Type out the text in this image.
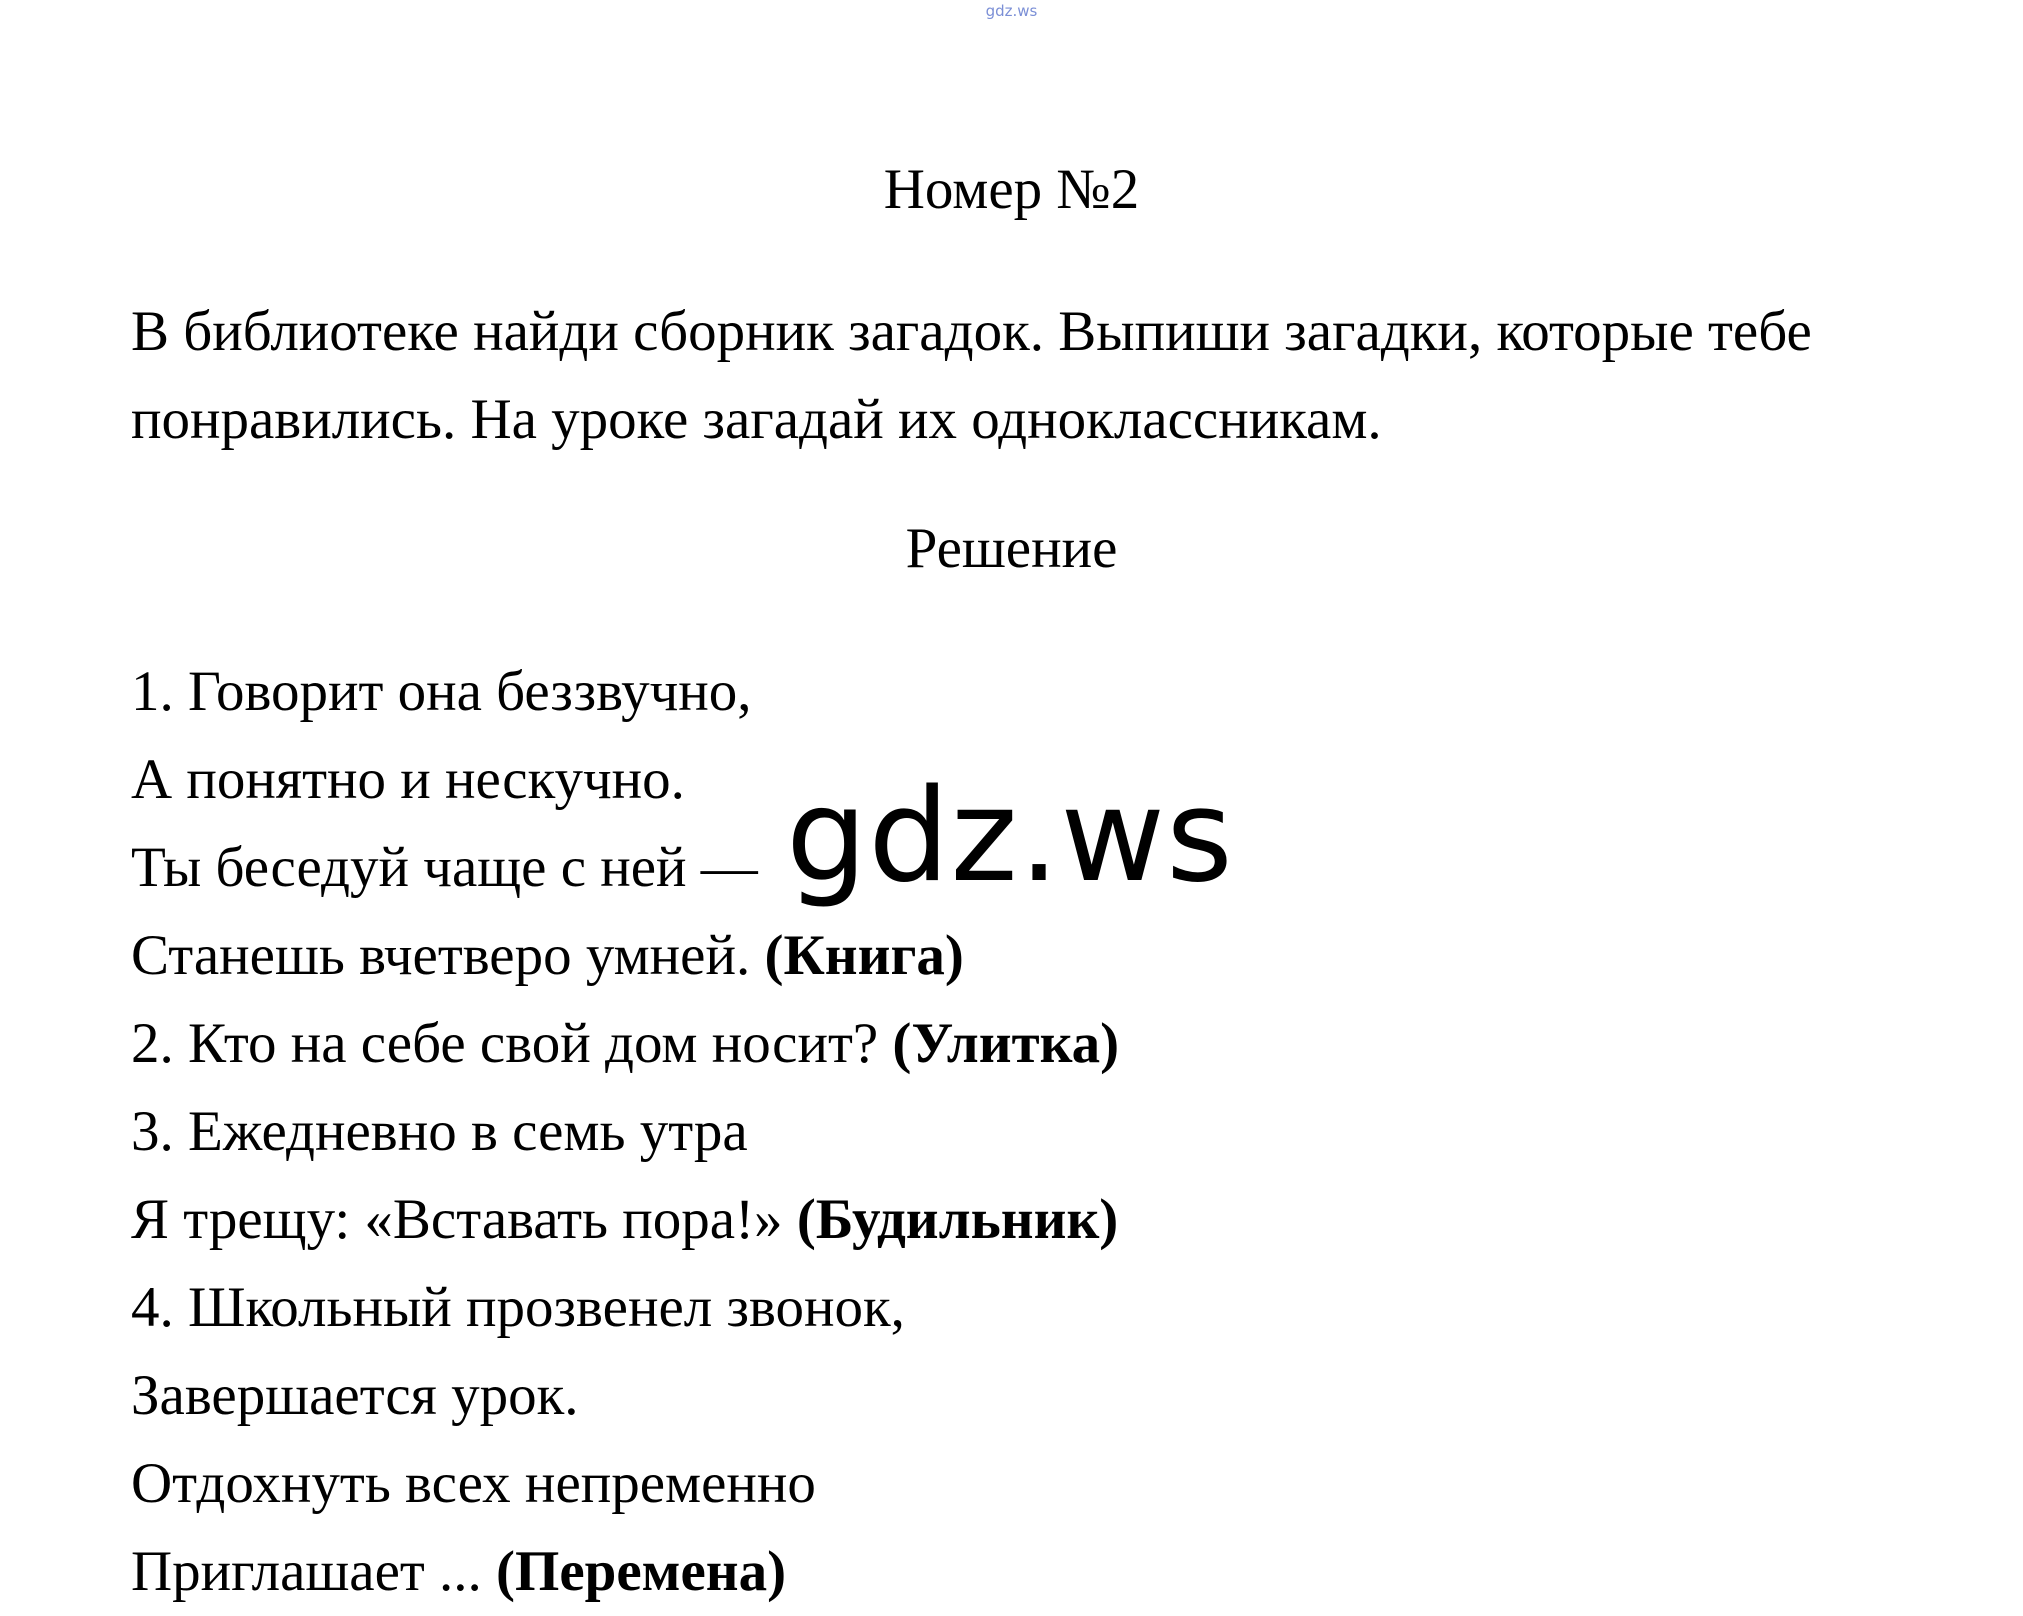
gdz.ws
Номер №2

В библиотеке найди сборник загадок. Выпиши загадки, которые тебе

понравились. На уроке загадай их одноклассникам.

Решение

1. Говорит она беззвучно,

А понятно и нескучно.

Ты беседуй чаще с ней —

Станешь вчетверо умней. (Книга)

2. Кто на себе свой дом носит? (Улитка)

3. Ежедневно в семь утра

Я трещу: «Вставать пора!» (Будильник)

4. Школьный прозвенел звонок,

Завершается урок.

Отдохнуть всех непременно

Приглашает ... (Перемена)

gdz.ws
